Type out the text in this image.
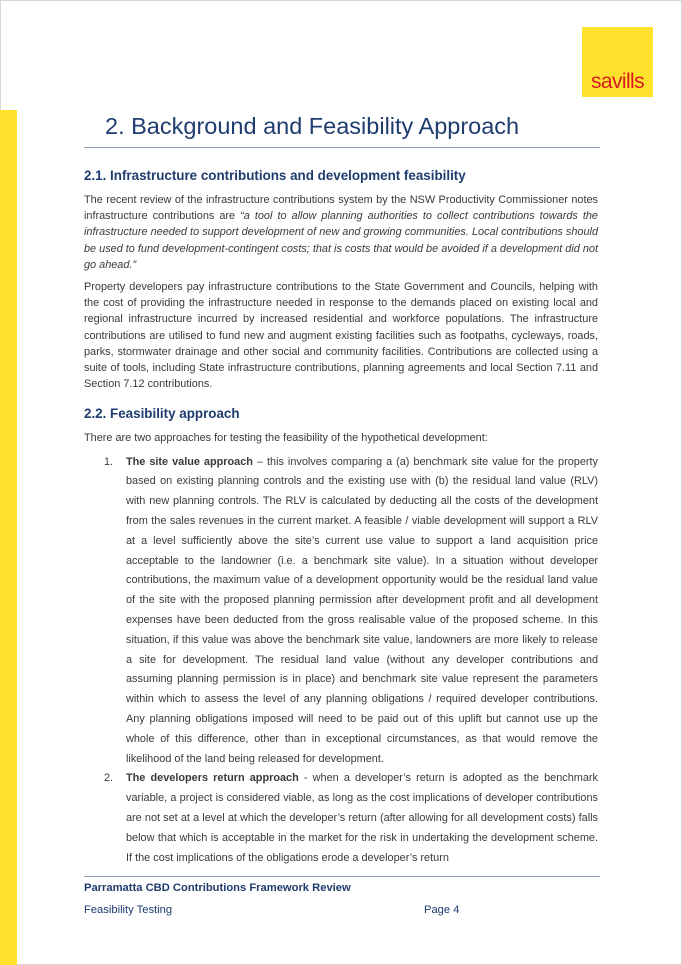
savills
2. Background and Feasibility Approach
2.1. Infrastructure contributions and development feasibility

The recent review of the infrastructure contributions system by the NSW Productivity Commissioner notes infrastructure contributions are “a tool to allow planning authorities to collect contributions towards the infrastructure needed to support development of new and growing communities. Local contributions should be used to fund development-contingent costs; that is costs that would be avoided if a development did not go ahead.”

Property developers pay infrastructure contributions to the State Government and Councils, helping with the cost of providing the infrastructure needed in response to the demands placed on existing local and regional infrastructure incurred by increased residential and workforce populations. The infrastructure contributions are utilised to fund new and augment existing facilities such as footpaths, cycleways, roads, parks, stormwater drainage and other social and community facilities. Contributions are collected using a suite of tools, including State infrastructure contributions, planning agreements and local Section 7.11 and Section 7.12 contributions.

2.2. Feasibility approach

There are two approaches for testing the feasibility of the hypothetical development:

1. The site value approach – this involves comparing a (a) benchmark site value for the property based on existing planning controls and the existing use with (b) the residual land value (RLV) with new planning controls. The RLV is calculated by deducting all the costs of the development from the sales revenues in the current market. A feasible / viable development will support a RLV at a level sufficiently above the site’s current use value to support a land acquisition price acceptable to the landowner (i.e. a benchmark site value). In a situation without developer contributions, the maximum value of a development opportunity would be the residual land value of the site with the proposed planning permission after development profit and all development expenses have been deducted from the gross realisable value of the proposed scheme. In this situation, if this value was above the benchmark site value, landowners are more likely to release a site for development. The residual land value (without any developer contributions and assuming planning permission is in place) and benchmark site value represent the parameters within which to assess the level of any planning obligations / required developer contributions. Any planning obligations imposed will need to be paid out of this uplift but cannot use up the whole of this difference, other than in exceptional circumstances, as that would remove the likelihood of the land being released for development.
2. The developers return approach - when a developer’s return is adopted as the benchmark variable, a project is considered viable, as long as the cost implications of developer contributions are not set at a level at which the developer’s return (after allowing for all development costs) falls below that which is acceptable in the market for the risk in undertaking the development scheme. If the cost implications of the obligations erode a developer’s return
Parramatta CBD Contributions Framework Review
Feasibility Testing	Page 4
